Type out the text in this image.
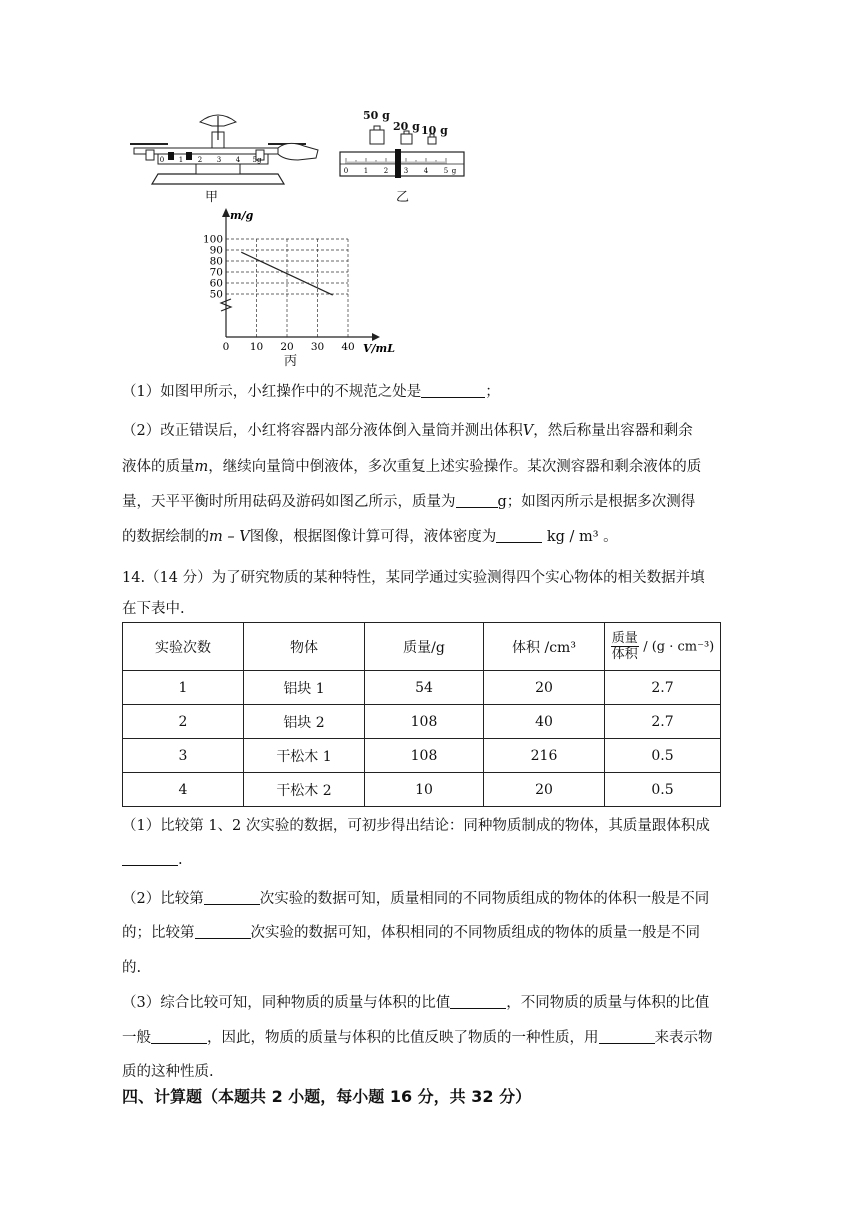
0 1 2 3 4 5g
甲
0 1 2 3 4 5 g
50 g
20 g 10 g
乙
100
90
80
70
60
50
0 10 20 30 40
m/g
V/mL
丙
（1）如图甲所示，小红操作中的不规范之处是	；
（2）改正错误后，小红将容器内部分液体倒入量筒并测出体积V，然后称量出容器和剩余
液体的质量m，继续向量筒中倒液体，多次重复上述实验操作。某次测容器和剩余液体的质
量，天平平衡时所用砝码及游码如图乙所示，质量为	g；如图丙所示是根据多次测得
的数据绘制的m – V图像，根据图像计算可得，液体密度为	kg / m³ 。
14.（14 分）为了研究物质的某种特性，某同学通过实验测得四个实心物体的相关数据并填
在下表中.
实验次数	物体	质量/g	体积 /cm³	$\frac{\text{质量}}{\text{体积}} / (g \cdot cm^{-3})$
1	铝块 1	54	20	2.7
2	铝块 2	108	40	2.7
3	干松木 1	108	216	0.5
4	干松木 2	10	20	0.5
（1）比较第 1、2 次实验的数据，可初步得出结论：同种物质制成的物体，其质量跟体积成
.
（2）比较第	次实验的数据可知，质量相同的不同物质组成的物体的体积一般是不同
的；比较第	次实验的数据可知，体积相同的不同物质组成的物体的质量一般是不同
的.
（3）综合比较可知，同种物质的质量与体积的比值	，不同物质的质量与体积的比值
一般	，因此，物质的质量与体积的比值反映了物质的一种性质，用	来表示物
质的这种性质.
四、计算题（本题共 2 小题，每小题 16 分，共 32 分）
